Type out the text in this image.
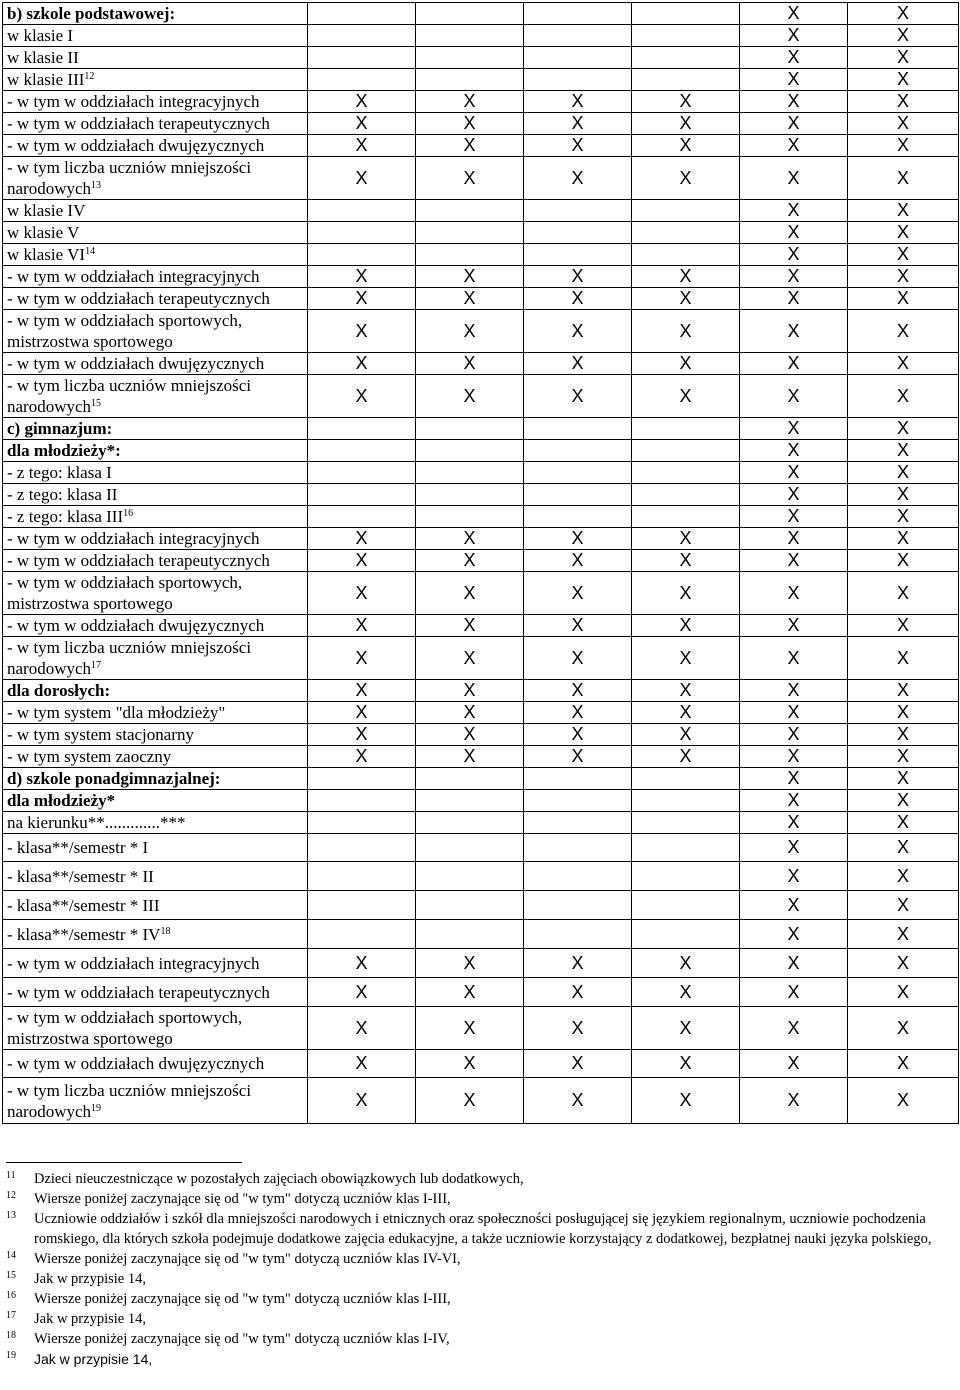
b) szkole podstawowej:					X	X
w klasie I					X	X
w klasie II					X	X
w klasie III$^{12}$					X	X
- w tym w oddziałach integracyjnych	X	X	X	X	X	X
- w tym w oddziałach terapeutycznych	X	X	X	X	X	X
- w tym w oddziałach dwujęzycznych	X	X	X	X	X	X
- w tym liczba uczniów mniejszości
narodowych$^{13}$	X	X	X	X	X	X
w klasie IV					X	X
w klasie V					X	X
w klasie VI$^{14}$					X	X
- w tym w oddziałach integracyjnych	X	X	X	X	X	X
- w tym w oddziałach terapeutycznych	X	X	X	X	X	X
- w tym w oddziałach sportowych,
mistrzostwa sportowego	X	X	X	X	X	X
- w tym w oddziałach dwujęzycznych	X	X	X	X	X	X
- w tym liczba uczniów mniejszości
narodowych$^{15}$	X	X	X	X	X	X
c) gimnazjum:					X	X
dla młodzieży*:					X	X
- z tego: klasa I					X	X
- z tego: klasa II					X	X
- z tego: klasa III$^{16}$					X	X
- w tym w oddziałach integracyjnych	X	X	X	X	X	X
- w tym w oddziałach terapeutycznych	X	X	X	X	X	X
- w tym w oddziałach sportowych,
mistrzostwa sportowego	X	X	X	X	X	X
- w tym w oddziałach dwujęzycznych	X	X	X	X	X	X
- w tym liczba uczniów mniejszości
narodowych$^{17}$	X	X	X	X	X	X
dla dorosłych:	X	X	X	X	X	X
- w tym system "dla młodzieży"	X	X	X	X	X	X
- w tym system stacjonarny	X	X	X	X	X	X
- w tym system zaoczny	X	X	X	X	X	X
d) szkole ponadgimnazjalnej:					X	X
dla młodzieży*					X	X
na kierunku**.............***					X	X
- klasa**/semestr * I					X	X
- klasa**/semestr * II					X	X
- klasa**/semestr * III					X	X
- klasa**/semestr * IV$^{18}$					X	X
- w tym w oddziałach integracyjnych	X	X	X	X	X	X
- w tym w oddziałach terapeutycznych	X	X	X	X	X	X
- w tym w oddziałach sportowych,
mistrzostwa sportowego	X	X	X	X	X	X
- w tym w oddziałach dwujęzycznych	X	X	X	X	X	X
- w tym liczba uczniów mniejszości
narodowych$^{19}$	X	X	X	X	X	X
11 Dzieci nieuczestniczące w pozostałych zajęciach obowiązkowych lub dodatkowych,
12 Wiersze poniżej zaczynające się od "w tym" dotyczą uczniów klas I-III,
13 Uczniowie oddziałów i szkół dla mniejszości narodowych i etnicznych oraz społeczności posługującej się językiem regionalnym, uczniowie pochodzenia romskiego, dla których szkoła podejmuje dodatkowe zajęcia edukacyjne, a także uczniowie korzystający z dodatkowej, bezpłatnej nauki języka polskiego,
14 Wiersze poniżej zaczynające się od "w tym" dotyczą uczniów klas IV-VI,
15 Jak w przypisie 14,
16 Wiersze poniżej zaczynające się od "w tym" dotyczą uczniów klas I-III,
17 Jak w przypisie 14,
18 Wiersze poniżej zaczynające się od "w tym" dotyczą uczniów klas I-IV,
19 Jak w przypisie 14,
